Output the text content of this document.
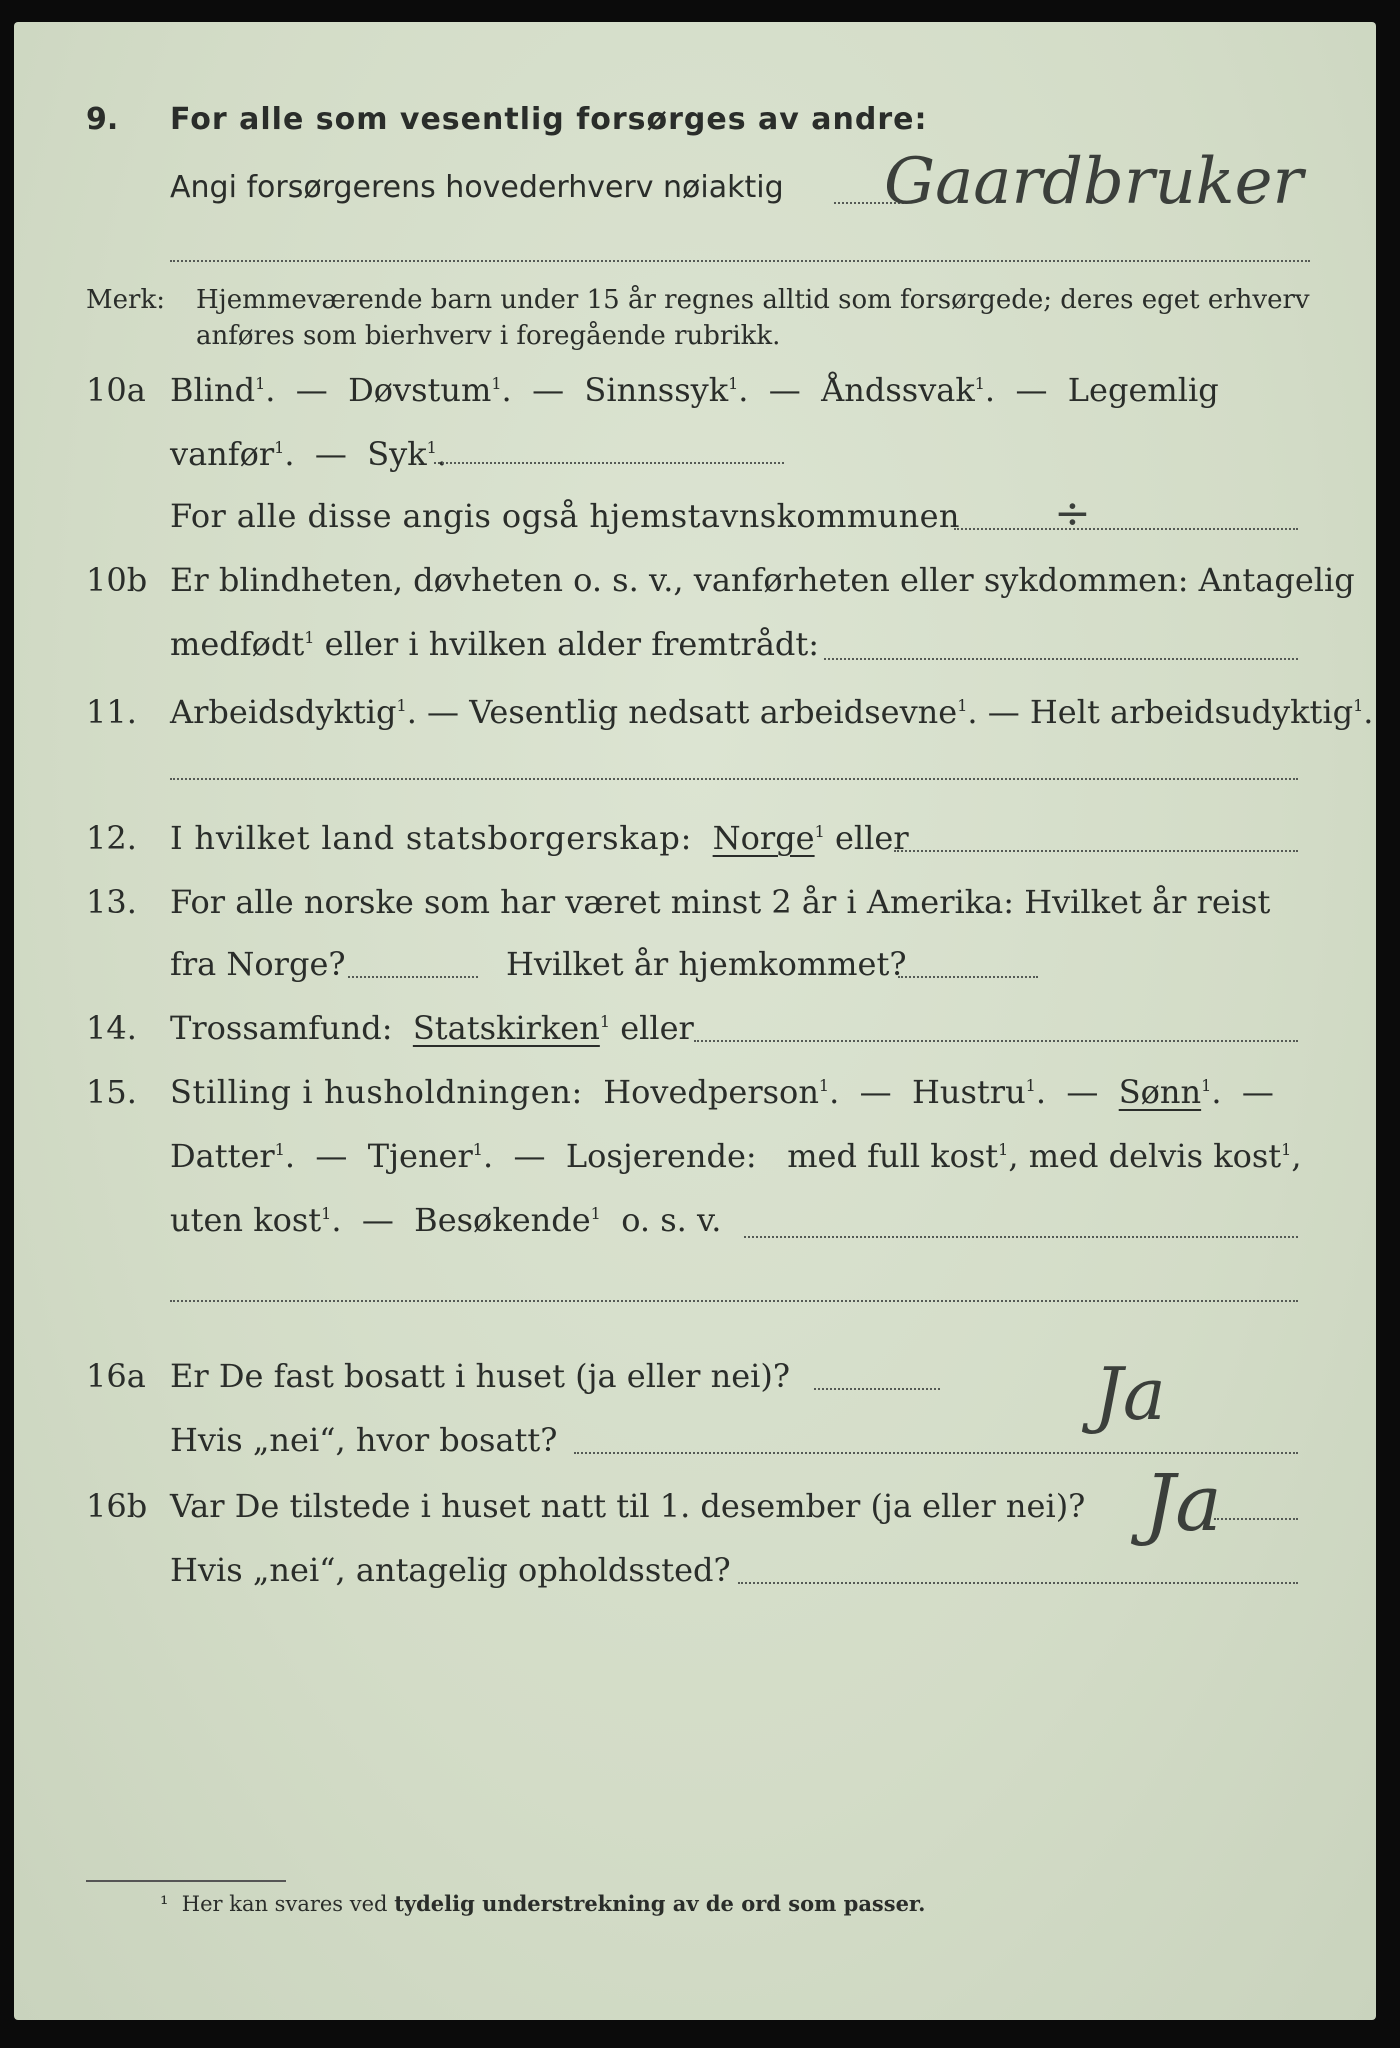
9. For alle som vesentlig forsørges av andre:
Angi forsørgerens hovederhverv nøiaktig Gaardbruker
Merk: Hjemmeværende barn under 15 år regnes alltid som forsørgede; deres eget erhverv
anføres som bierhverv i foregående rubrikk.
10a Blind$^1$.  —  Døvstum$^1$.  —  Sinnssyk$^1$.  —  Åndssvak$^1$.  —  Legemlig
vanfør$^1$.  —  Syk$^1$.
For alle disse angis også hjemstavnskommunen ÷
10b Er blindheten, døvheten o. s. v., vanførheten eller sykdommen: Antagelig
medfødt$^1$ eller i hvilken alder fremtrådt:
11. Arbeidsdyktig$^1$. — Vesentlig nedsatt arbeidsevne$^1$. — Helt arbeidsudyktig$^1$.
12. I hvilket land statsborgerskap: Norge$^1$ eller
13. For alle norske som har været minst 2 år i Amerika: Hvilket år reist
fra Norge?	Hvilket år hjemkommet?
14. Trossamfund: Statskirken$^1$ eller
15. Stilling i husholdningen: Hovedperson$^1$.  —  Hustru$^1$.  —  Sønn$^1$.  —
Datter$^1$.  —  Tjener$^1$.  —  Losjerende: med full kost$^1$, med delvis kost$^1$,
uten kost$^1$.  —  Besøkende$^1$ o. s. v.
16a Er De fast bosatt i huset (ja eller nei)?
Hvis „nei“, hvor bosatt?
Ja
16b Var De tilstede i huset natt til 1. desember (ja eller nei)? Ja
Hvis „nei“, antagelig opholdssted?
¹ Her kan svares ved tydelig understrekning av de ord som passer.
